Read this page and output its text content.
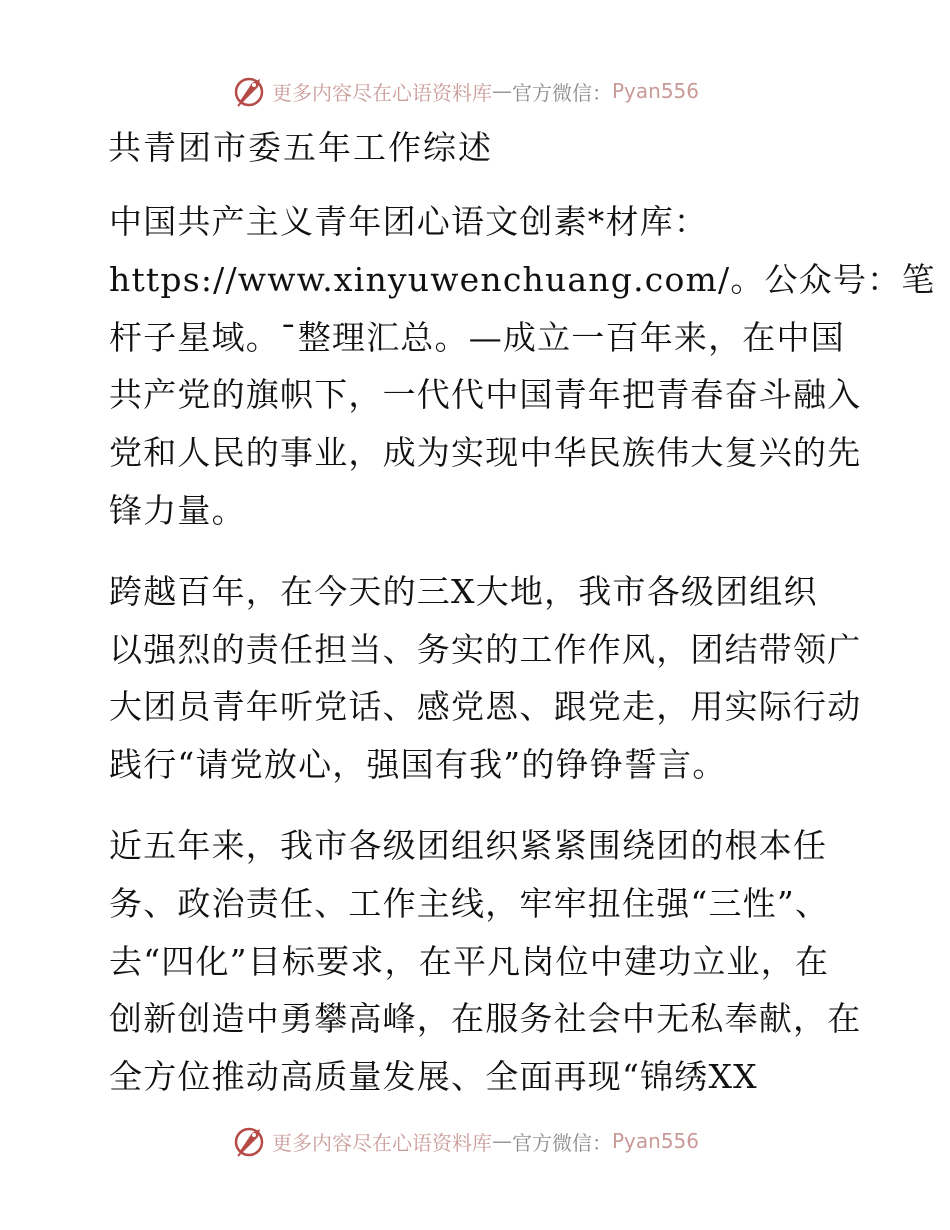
更多内容尽在心语资料库 — 官方微信： Pyan556
共青团市委五年工作综述
中国共产主义青年团心语文创素*材库：
https://www.xinyuwenchuang.com/。公众号：笔
杆子星域。¯整理汇总。—成立一百年来，在中国
共产党的旗帜下，一代代中国青年把青春奋斗融入
党和人民的事业，成为实现中华民族伟大复兴的先
锋力量。
跨越百年，在今天的三X大地，我市各级团组织
以强烈的责任担当、务实的工作作风，团结带领广
大团员青年听党话、感党恩、跟党走，用实际行动
践行“请党放心，强国有我”的铮铮誓言。
近五年来，我市各级团组织紧紧围绕团的根本任
务、政治责任、工作主线，牢牢扭住强“三性”、
去“四化”目标要求，在平凡岗位中建功立业，在
创新创造中勇攀高峰，在服务社会中无私奉献，在
全方位推动高质量发展、全面再现“锦绣XX
更多内容尽在心语资料库 — 官方微信： Pyan556
